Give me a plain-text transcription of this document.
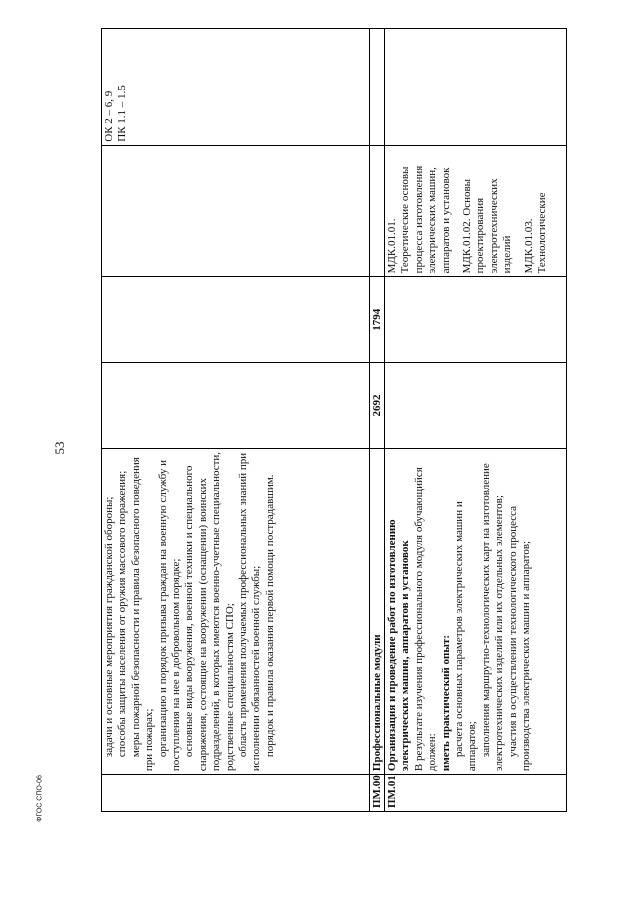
53
ФГОС СПО-06
задачи и основные мероприятия гражданской обороны; способы защиты населения от оружия массового поражения; меры пожарной безопасности и правила безопасного поведения при пожарах; организацию и порядок призыва граждан на военную службу и поступления на нее в добровольном порядке; основные виды вооружения, военной техники и специального снаряжения, состоящие на вооружении (оснащении) воинских подразделений, в которых имеются военно-учетные специальности, родственные специальностям СПО; область применения получаемых профессиональных знаний при исполнении обязанностей военной службы; порядок и правила оказания первой помощи пострадавшим.
ОК 2 – 6, 9 ПК 1.1 – 1.5
ПМ.00
Профессиональные модули
2692
1794
ПМ.01
Организация и проведение работ по изготовлению электрических машин, аппаратов и установок В результате изучения профессионального модуля обучающийся должен: иметь практический опыт: расчета основных параметров электрических машин и аппаратов; заполнения маршрутно-технологических карт на изготовление электротехнических изделий или их отдельных элементов; участия в осуществлении технологического процесса производства электрических машин и аппаратов;
МДК.01.01. Теоретические основы процесса изготовления электрических машин, аппаратов и установок МДК.01.02. Основы проектирования электротехнических изделий МДК.01.03. Технологические
